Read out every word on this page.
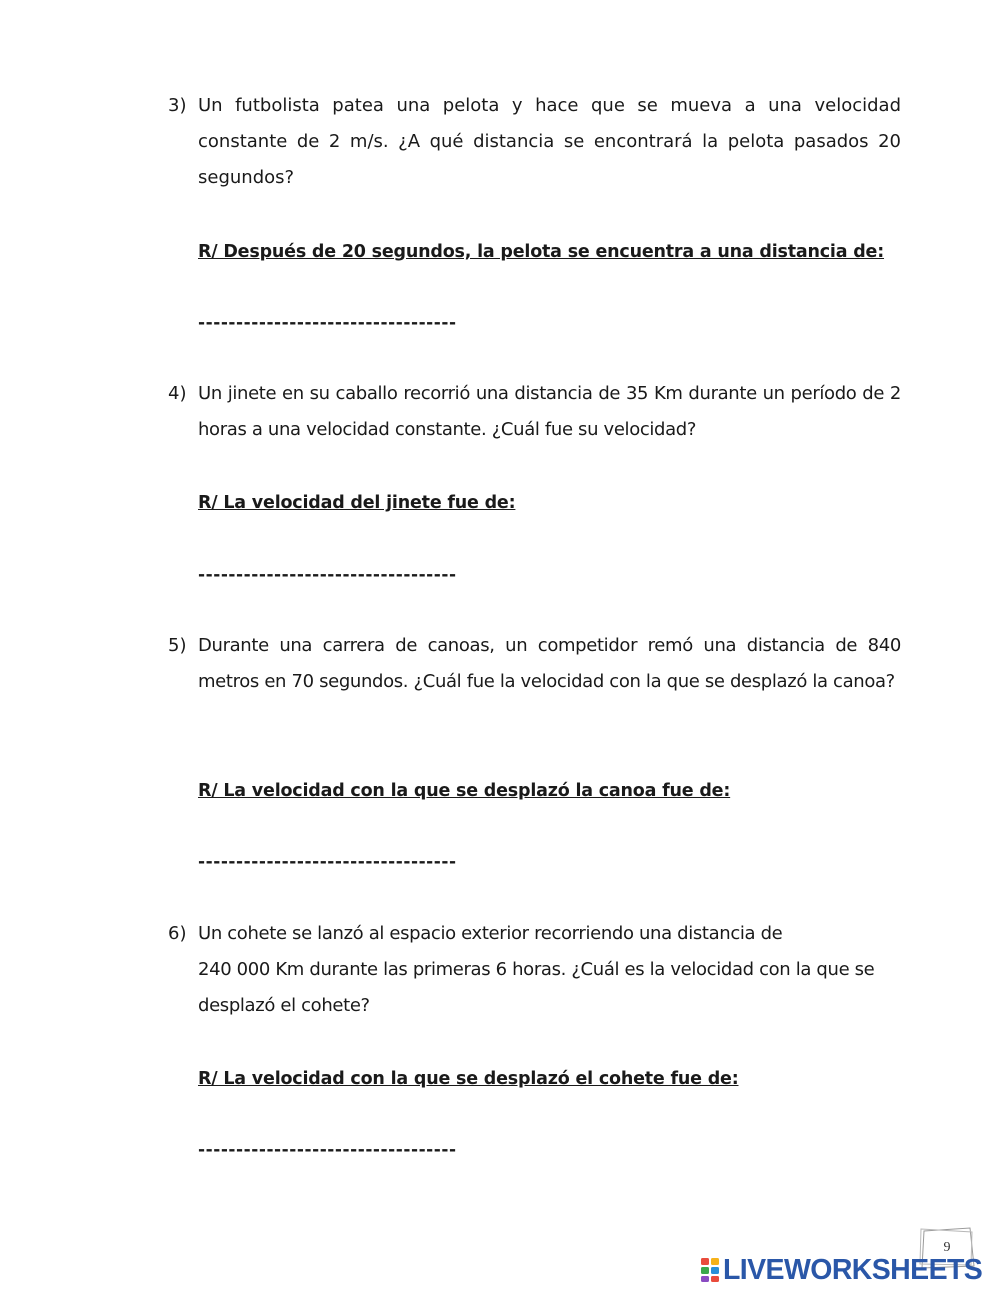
3) Un futbolista patea una pelota y hace que se mueva a una velocidad constante de 2 m/s. ¿A qué distancia se encontrará la pelota pasados 20 segundos?
R/ Después de 20 segundos, la pelota se encuentra a una distancia de:
----------------------------------
4) Un jinete en su caballo recorrió una distancia de 35 Km durante un período de 2 horas a una velocidad constante. ¿Cuál fue su velocidad?
R/ La velocidad del jinete fue de:
----------------------------------
5) Durante una carrera de canoas, un competidor remó una distancia de 840 metros en 70 segundos. ¿Cuál fue la velocidad con la que se desplazó la canoa?
R/ La velocidad con la que se desplazó la canoa fue de:
----------------------------------
6) Un cohete se lanzó al espacio exterior recorriendo una distancia de
240 000 Km durante las primeras 6 horas. ¿Cuál es la velocidad con la que se desplazó el cohete?
R/ La velocidad con la que se desplazó el cohete fue de:
----------------------------------
9
LIVEWORKSHEETS
